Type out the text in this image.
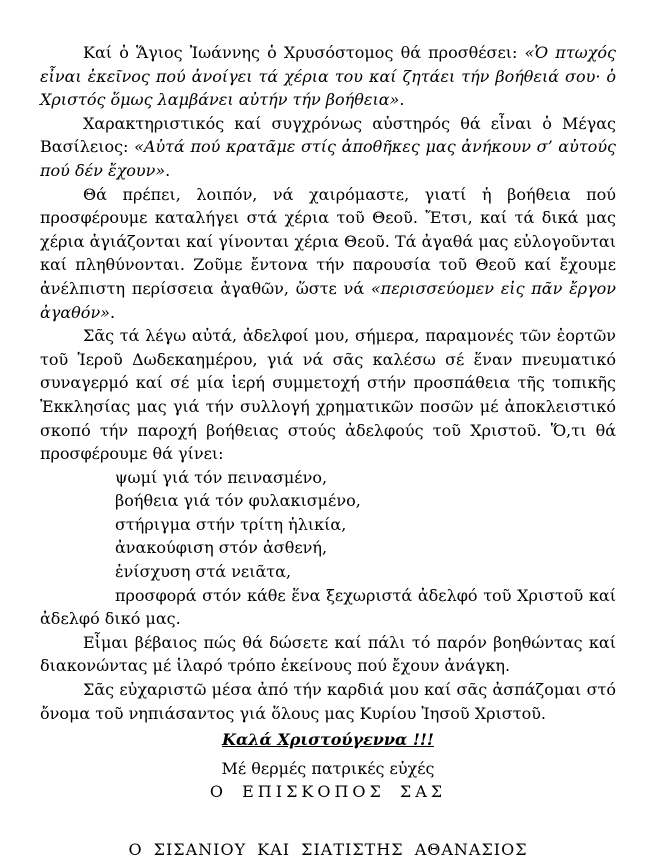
Καί ὁ Ἅγιος Ἰωάννης ὁ Χρυσόστομος θά προσθέσει: «Ὁ πτωχός εἶναι ἐκεῖνος πού ἀνοίγει τά χέρια του καί ζητάει τήν βοήθειά σου· ὁ Χριστός ὅμως λαμβάνει αὐτήν τήν βοήθεια».

Χαρακτηριστικός καί συγχρόνως αὐστηρός θά εἶναι ὁ Μέγας Βασίλειος: «Αὐτά πού κρατᾶμε στίς ἀποθῆκες μας ἀνήκουν σ’ αὐτούς πού δέν ἔχουν».

Θά πρέπει, λοιπόν, νά χαιρόμαστε, γιατί ἡ βοήθεια πού προσφέρουμε καταλήγει στά χέρια τοῦ Θεοῦ. Ἔτσι, καί τά δικά μας χέρια ἁγιάζονται καί γίνονται χέρια Θεοῦ. Τά ἀγαθά μας εὐλογοῦνται καί πληθύνονται. Ζοῦμε ἔντονα τήν παρουσία τοῦ Θεοῦ καί ἔχουμε ἀνέλπιστη περίσσεια ἀγαθῶν, ὥστε νά «περισσεύομεν εἰς πᾶν ἔργον ἀγαθόν».

Σᾶς τά λέγω αὐτά, ἀδελφοί μου, σήμερα, παραμονές τῶν ἑορτῶν τοῦ Ἱεροῦ Δωδεκαημέρου, γιά νά σᾶς καλέσω σέ ἕναν πνευματικό συναγερμό καί σέ μία ἱερή συμμετοχή στήν προσπάθεια τῆς τοπικῆς Ἐκκλησίας μας γιά τήν συλλογή χρηματικῶν ποσῶν μέ ἀποκλειστικό σκοπό τήν παροχή βοήθειας στούς ἀδελφούς τοῦ Χριστοῦ. Ὅ,τι θά προσφέρουμε θά γίνει:

ψωμί γιά τόν πεινασμένο,

βοήθεια γιά τόν φυλακισμένο,

στήριγμα στήν τρίτη ἡλικία,

ἀνακούφιση στόν ἀσθενή,

ἐνίσχυση στά νειᾶτα,

προσφορά στόν κάθε ἕνα ξεχωριστά ἀδελφό τοῦ Χριστοῦ καί ἀδελφό δικό μας.

Εἶμαι βέβαιος πώς θά δώσετε καί πάλι τό παρόν βοηθώντας καί διακονώντας μέ ἱλαρό τρόπο ἐκείνους πού ἔχουν ἀνάγκη.

Σᾶς εὐχαριστῶ μέσα ἀπό τήν καρδιά μου καί σᾶς ἀσπάζομαι στό ὄνομα τοῦ νηπιάσαντος γιά ὅλους μας Κυρίου Ἰησοῦ Χριστοῦ.

Καλά Χριστούγεννα !!!

Μέ θερμές πατρικές εὐχές

Ο ΕΠΙΣΚΟΠΟΣ ΣΑΣ

Ο ΣΙΣΑΝΙΟΥ ΚΑΙ ΣΙΑΤΙΣΤΗΣ ΑΘΑΝΑΣΙΟΣ
